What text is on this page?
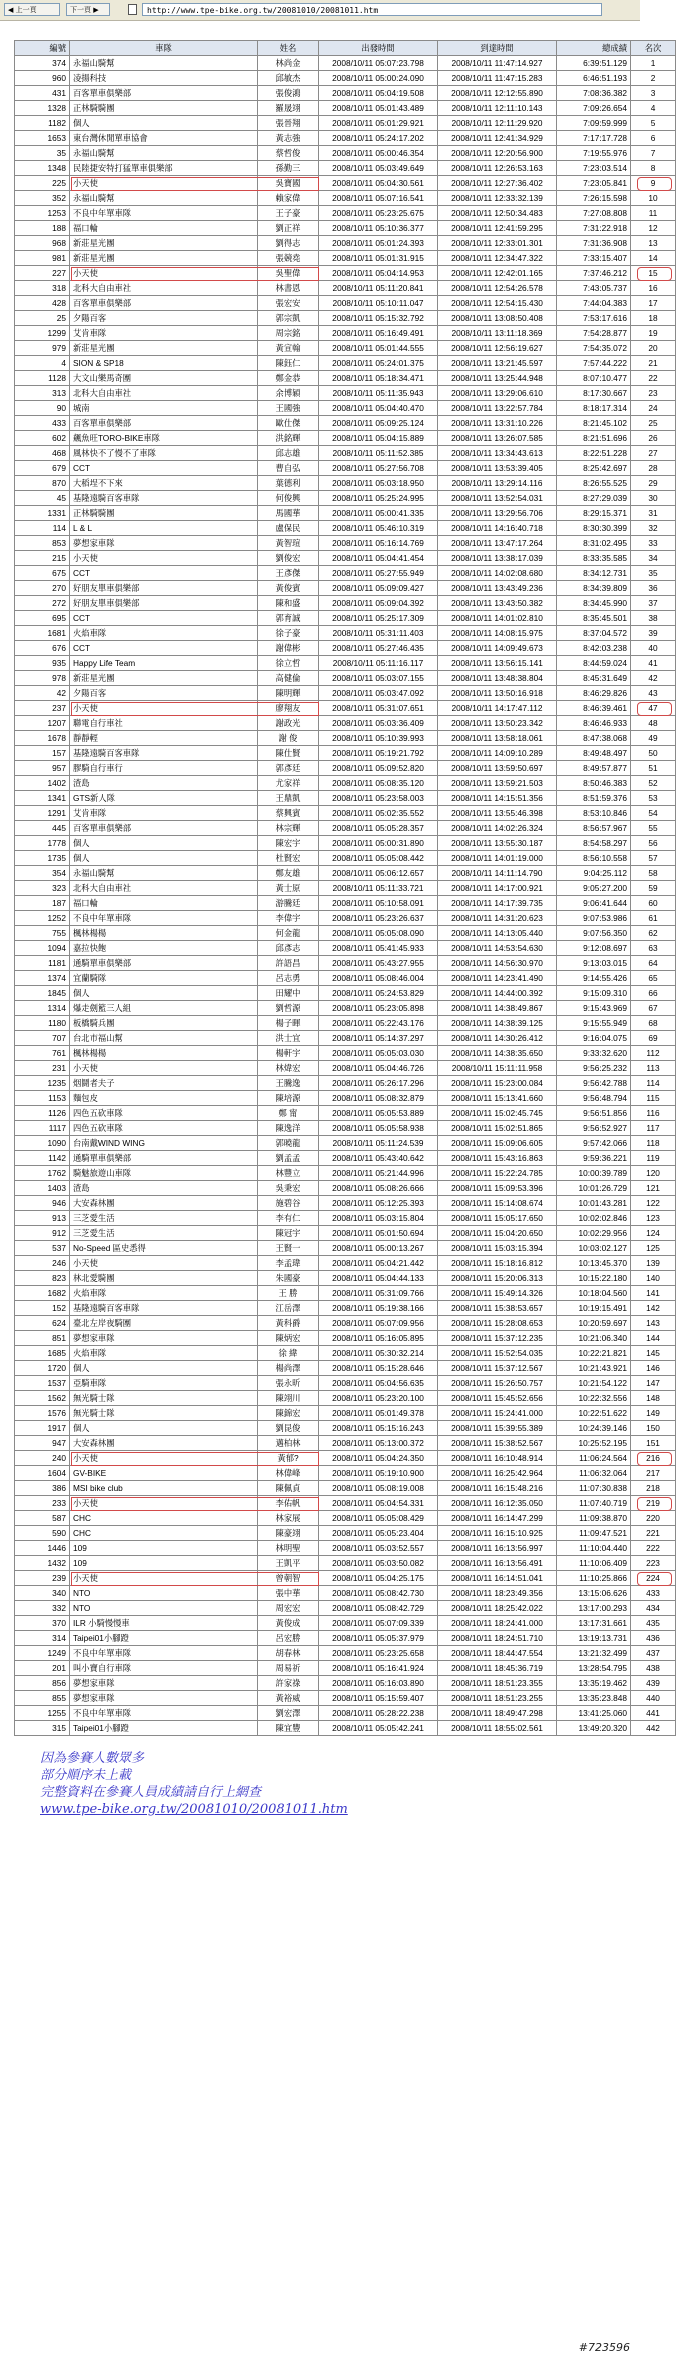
◀ 上一頁	下一頁 ▶	http://www.tpe-bike.org.tw/20081010/20081011.htm
編號	車隊	姓名	出發時間	到達時間	總成績	名次
374	永福山騎幫	林尚金	2008/10/11 05:07:23.798	2008/10/11 11:47:14.927	6:39:51.129	1
960	凌揚科技	邱敏杰	2008/10/11 05:00:24.090	2008/10/11 11:47:15.283	6:46:51.193	2
431	百客單車俱樂部	張俊鴻	2008/10/11 05:04:19.508	2008/10/11 12:12:55.890	7:08:36.382	3
1328	正林騎騎團	羅晟翊	2008/10/11 05:01:43.489	2008/10/11 12:11:10.143	7:09:26.654	4
1182	個人	張晉翔	2008/10/11 05:01:29.921	2008/10/11 12:11:29.920	7:09:59.999	5
1653	東台灣休閒單車協會	黃志強	2008/10/11 05:24:17.202	2008/10/11 12:41:34.929	7:17:17.728	6
35	永福山騎幫	蔡哲俊	2008/10/11 05:00:46.354	2008/10/11 12:20:56.900	7:19:55.976	7
1348	民陸捷安特打猛單車俱樂部	孫勤三	2008/10/11 05:03:49.649	2008/10/11 12:26:53.163	7:23:03.514	8
225	小天使	吳寶國	2008/10/11 05:04:30.561	2008/10/11 12:27:36.402	7:23:05.841	9
352	永福山騎幫	賴家偉	2008/10/11 05:07:16.541	2008/10/11 12:33:32.139	7:26:15.598	10
1253	不良中年單車隊	王子豪	2008/10/11 05:23:25.675	2008/10/11 12:50:34.483	7:27:08.808	11
188	福口輪	劉正祥	2008/10/11 05:10:36.377	2008/10/11 12:41:59.295	7:31:22.918	12
968	新莊星光團	劉得志	2008/10/11 05:01:24.393	2008/10/11 12:33:01.301	7:31:36.908	13
981	新莊星光團	張競堯	2008/10/11 05:01:31.915	2008/10/11 12:34:47.322	7:33:15.407	14
227	小天使	吳聖偉	2008/10/11 05:04:14.953	2008/10/11 12:42:01.165	7:37:46.212	15
318	北科大自由車社	林書恩	2008/10/11 05:11:20.841	2008/10/11 12:54:26.578	7:43:05.737	16
428	百客單車俱樂部	張宏安	2008/10/11 05:10:11.047	2008/10/11 12:54:15.430	7:44:04.383	17
25	夕陽百客	郭宗凱	2008/10/11 05:15:32.792	2008/10/11 13:08:50.408	7:53:17.616	18
1299	艾肯車隊	周宗銘	2008/10/11 05:16:49.491	2008/10/11 13:11:18.369	7:54:28.877	19
979	新莊星光團	黃宣翰	2008/10/11 05:01:44.555	2008/10/11 12:56:19.627	7:54:35.072	20
4	SION & SP18	陳鈺仁	2008/10/11 05:24:01.375	2008/10/11 13:21:45.597	7:57:44.222	21
1128	大文山樂馬奇團	鄭金恭	2008/10/11 05:18:34.471	2008/10/11 13:25:44.948	8:07:10.477	22
313	北科大自由車社	余博穎	2008/10/11 05:11:35.943	2008/10/11 13:29:06.610	8:17:30.667	23
90	城南	王國強	2008/10/11 05:04:40.470	2008/10/11 13:22:57.784	8:18:17.314	24
433	百客單車俱樂部	歐仕傑	2008/10/11 05:09:25.124	2008/10/11 13:31:10.226	8:21:45.102	25
602	飆魚旺TORO-BIKE車隊	洪銘輝	2008/10/11 05:04:15.889	2008/10/11 13:26:07.585	8:21:51.696	26
468	風林快不了慢不了車隊	邱志雄	2008/10/11 05:11:52.385	2008/10/11 13:34:43.613	8:22:51.228	27
679	CCT	曹自弘	2008/10/11 05:27:56.708	2008/10/11 13:53:39.405	8:25:42.697	28
870	大稻埕不下來	葉德利	2008/10/11 05:03:18.950	2008/10/11 13:29:14.116	8:26:55.525	29
45	基隆遠騎百客車隊	何俊興	2008/10/11 05:25:24.995	2008/10/11 13:52:54.031	8:27:29.039	30
1331	正林騎騎團	馬國華	2008/10/11 05:00:41.335	2008/10/11 13:29:56.706	8:29:15.371	31
114	L & L	盧保民	2008/10/11 05:46:10.319	2008/10/11 14:16:40.718	8:30:30.399	32
853	夢想家車隊	黃智瑄	2008/10/11 05:16:14.769	2008/10/11 13:47:17.264	8:31:02.495	33
215	小天使	劉俊宏	2008/10/11 05:04:41.454	2008/10/11 13:38:17.039	8:33:35.585	34
675	CCT	王彥傑	2008/10/11 05:27:55.949	2008/10/11 14:02:08.680	8:34:12.731	35
270	好朋友單車俱樂部	黃俊賓	2008/10/11 05:09:09.427	2008/10/11 13:43:49.236	8:34:39.809	36
272	好朋友單車俱樂部	陳和盛	2008/10/11 05:09:04.392	2008/10/11 13:43:50.382	8:34:45.990	37
695	CCT	郭育誠	2008/10/11 05:25:17.309	2008/10/11 14:01:02.810	8:35:45.501	38
1681	火焰車隊	徐子豪	2008/10/11 05:31:11.403	2008/10/11 14:08:15.975	8:37:04.572	39
676	CCT	謝偉彬	2008/10/11 05:27:46.435	2008/10/11 14:09:49.673	8:42:03.238	40
935	Happy Life Team	徐立哲	2008/10/11 05:11:16.117	2008/10/11 13:56:15.141	8:44:59.024	41
978	新莊星光團	高健倫	2008/10/11 05:03:07.155	2008/10/11 13:48:38.804	8:45:31.649	42
42	夕陽百客	陳明輝	2008/10/11 05:03:47.092	2008/10/11 13:50:16.918	8:46:29.826	43
237	小天使	廖翔友	2008/10/11 05:31:07.651	2008/10/11 14:17:47.112	8:46:39.461	47
1207	聯電自行車社	謝政光	2008/10/11 05:03:36.409	2008/10/11 13:50:23.342	8:46:46.933	48
1678	靜靜輕	謝 俊	2008/10/11 05:10:39.993	2008/10/11 13:58:18.061	8:47:38.068	49
157	基隆遠騎百客車隊	陳仕賢	2008/10/11 05:19:21.792	2008/10/11 14:09:10.289	8:49:48.497	50
957	膠騎自行車行	郭彥廷	2008/10/11 05:09:52.820	2008/10/11 13:59:50.697	8:49:57.877	51
1402	渣島	尤家祥	2008/10/11 05:08:35.120	2008/10/11 13:59:21.503	8:50:46.383	52
1341	GTS新人隊	王鼎凱	2008/10/11 05:23:58.003	2008/10/11 14:15:51.356	8:51:59.376	53
1291	艾肯車隊	蔡興賓	2008/10/11 05:02:35.552	2008/10/11 13:55:46.398	8:53:10.846	54
445	百客單車俱樂部	林宗輝	2008/10/11 05:05:28.357	2008/10/11 14:02:26.324	8:56:57.967	55
1778	個人	陳宏宇	2008/10/11 05:00:31.890	2008/10/11 13:55:30.187	8:54:58.297	56
1735	個人	杜賢宏	2008/10/11 05:05:08.442	2008/10/11 14:01:19.000	8:56:10.558	57
354	永福山騎幫	鄭友雄	2008/10/11 05:06:12.657	2008/10/11 14:11:14.790	9:04:25.112	58
323	北科大自由車社	黃士原	2008/10/11 05:11:33.721	2008/10/11 14:17:00.921	9:05:27.200	59
187	福口輪	游騰廷	2008/10/11 05:10:58.091	2008/10/11 14:17:39.735	9:06:41.644	60
1252	不良中年單車隊	李偉宇	2008/10/11 05:23:26.637	2008/10/11 14:31:20.623	9:07:53.986	61
755	楓林楊楊	何金龍	2008/10/11 05:05:08.090	2008/10/11 14:13:05.440	9:07:56.350	62
1094	嘉拉快飽	邱彥志	2008/10/11 05:41:45.933	2008/10/11 14:53:54.630	9:12:08.697	63
1181	通騎單車俱樂部	許語昌	2008/10/11 05:43:27.955	2008/10/11 14:56:30.970	9:13:03.015	64
1374	宜蘭騎隊	呂志勇	2008/10/11 05:08:46.004	2008/10/11 14:23:41.490	9:14:55.426	65
1845	個人	田耀中	2008/10/11 05:24:53.829	2008/10/11 14:44:00.392	9:15:09.310	66
1314	爆走劍籃三人組	劉哲源	2008/10/11 05:23:05.898	2008/10/11 14:38:49.867	9:15:43.969	67
1180	板橋騎兵團	楊子暉	2008/10/11 05:22:43.176	2008/10/11 14:38:39.125	9:15:55.949	68
707	台北市福山幫	洪士宜	2008/10/11 05:14:37.297	2008/10/11 14:30:26.412	9:16:04.075	69
761	楓林楊楊	楊軒宇	2008/10/11 05:05:03.030	2008/10/11 14:38:35.650	9:33:32.620	112
231	小天使	林煒宏	2008/10/11 05:04:46.726	2008/10/11 15:11:11.958	9:56:25.232	113
1235	烟鬪者夫子	王騰逸	2008/10/11 05:26:17.296	2008/10/11 15:23:00.084	9:56:42.788	114
1153	麵包皮	陳培源	2008/10/11 05:08:32.879	2008/10/11 15:13:41.660	9:56:48.794	115
1126	四色五砍車隊	鄭 甯	2008/10/11 05:05:53.889	2008/10/11 15:02:45.745	9:56:51.856	116
1117	四色五砍車隊	陳逸洋	2008/10/11 05:05:58.938	2008/10/11 15:02:51.865	9:56:52.927	117
1090	台南戴WIND WING	郭曉龍	2008/10/11 05:11:24.539	2008/10/11 15:09:06.605	9:57:42.066	118
1142	通騎單車俱樂部	劉孟孟	2008/10/11 05:43:40.642	2008/10/11 15:43:16.863	9:59:36.221	119
1762	騎魅旅遊山車隊	林豐立	2008/10/11 05:21:44.996	2008/10/11 15:22:24.785	10:00:39.789	120
1403	渣島	吳秉宏	2008/10/11 05:08:26.666	2008/10/11 15:09:53.396	10:01:26.729	121
946	大安森林團	施碧谷	2008/10/11 05:12:25.393	2008/10/11 15:14:08.674	10:01:43.281	122
913	三芝愛生活	李有仁	2008/10/11 05:03:15.804	2008/10/11 15:05:17.650	10:02:02.846	123
912	三芝愛生活	陳冠宇	2008/10/11 05:01:50.694	2008/10/11 15:04:20.650	10:02:29.956	124
537	No-Speed 區史悉得	王賢一	2008/10/11 05:00:13.267	2008/10/11 15:03:15.394	10:03:02.127	125
246	小天使	李孟瑋	2008/10/11 05:04:21.442	2008/10/11 15:18:16.812	10:13:45.370	139
823	林北愛騎團	朱國豪	2008/10/11 05:04:44.133	2008/10/11 15:20:06.313	10:15:22.180	140
1682	火焰車隊	王 勝	2008/10/11 05:31:09.766	2008/10/11 15:49:14.326	10:18:04.560	141
152	基隆遠騎百客車隊	江岳澤	2008/10/11 05:19:38.166	2008/10/11 15:38:53.657	10:19:15.491	142
624	臺北左岸夜騎團	黃科爵	2008/10/11 05:07:09.956	2008/10/11 15:28:08.653	10:20:59.697	143
851	夢想家車隊	陳炳宏	2008/10/11 05:16:05.895	2008/10/11 15:37:12.235	10:21:06.340	144
1685	火焰車隊	徐 緯	2008/10/11 05:30:32.214	2008/10/11 15:52:54.035	10:22:21.821	145
1720	個人	楊尚澤	2008/10/11 05:15:28.646	2008/10/11 15:37:12.567	10:21:43.921	146
1537	亞騎車隊	張永昕	2008/10/11 05:04:56.635	2008/10/11 15:26:50.757	10:21:54.122	147
1562	無光騎士隊	陳翊川	2008/10/11 05:23:20.100	2008/10/11 15:45:52.656	10:22:32.556	148
1576	無光騎士隊	陳錦宏	2008/10/11 05:01:49.378	2008/10/11 15:24:41.000	10:22:51.622	149
1917	個人	劉昆俊	2008/10/11 05:15:16.243	2008/10/11 15:39:55.389	10:24:39.146	150
947	大安森林團	邁柏林	2008/10/11 05:13:00.372	2008/10/11 15:38:52.567	10:25:52.195	151
240	小天使	黃郁?	2008/10/11 05:04:24.350	2008/10/11 16:10:48.914	11:06:24.564	216
1604	GV-BIKE	林偉峰	2008/10/11 05:19:10.900	2008/10/11 16:25:42.964	11:06:32.064	217
386	MSI bike club	陳佩貞	2008/10/11 05:08:19.008	2008/10/11 16:15:48.216	11:07:30.838	218
233	小天使	李佑帆	2008/10/11 05:04:54.331	2008/10/11 16:12:35.050	11:07:40.719	219
587	CHC	林家展	2008/10/11 05:05:08.429	2008/10/11 16:14:47.299	11:09:38.870	220
590	CHC	陳豪翊	2008/10/11 05:05:23.404	2008/10/11 16:15:10.925	11:09:47.521	221
1446	109	林明聖	2008/10/11 05:03:52.557	2008/10/11 16:13:56.997	11:10:04.440	222
1432	109	王凱平	2008/10/11 05:03:50.082	2008/10/11 16:13:56.491	11:10:06.409	223
239	小天使	曾朝智	2008/10/11 05:04:25.175	2008/10/11 16:14:51.041	11:10:25.866	224
340	NTO	張中華	2008/10/11 05:08:42.730	2008/10/11 18:23:49.356	13:15:06.626	433
332	NTO	周宏宏	2008/10/11 05:08:42.729	2008/10/11 18:25:42.022	13:17:00.293	434
370	ILR 小騎慢慢車	黃俊成	2008/10/11 05:07:09.339	2008/10/11 18:24:41.000	13:17:31.661	435
314	Taipei01小腳蹬	呂宏勝	2008/10/11 05:05:37.979	2008/10/11 18:24:51.710	13:19:13.731	436
1249	不良中年單車隊	胡春林	2008/10/11 05:23:25.658	2008/10/11 18:44:47.554	13:21:32.499	437
201	叫小寶自行車隊	周易祈	2008/10/11 05:16:41.924	2008/10/11 18:45:36.719	13:28:54.795	438
856	夢想家車隊	許家祿	2008/10/11 05:16:03.890	2008/10/11 18:51:23.355	13:35:19.462	439
855	夢想家車隊	黃裕威	2008/10/11 05:15:59.407	2008/10/11 18:51:23.255	13:35:23.848	440
1255	不良中年單車隊	劉宏澤	2008/10/11 05:28:22.238	2008/10/11 18:49:47.298	13:41:25.060	441
315	Taipei01小腳蹬	陳宜豐	2008/10/11 05:05:42.241	2008/10/11 18:55:02.561	13:49:20.320	442
因為參賽人數眾多
部分順序未上載
完整資料在參賽人員成績請自行上網查
www.tpe-bike.org.tw/20081010/20081011.htm
#723596
